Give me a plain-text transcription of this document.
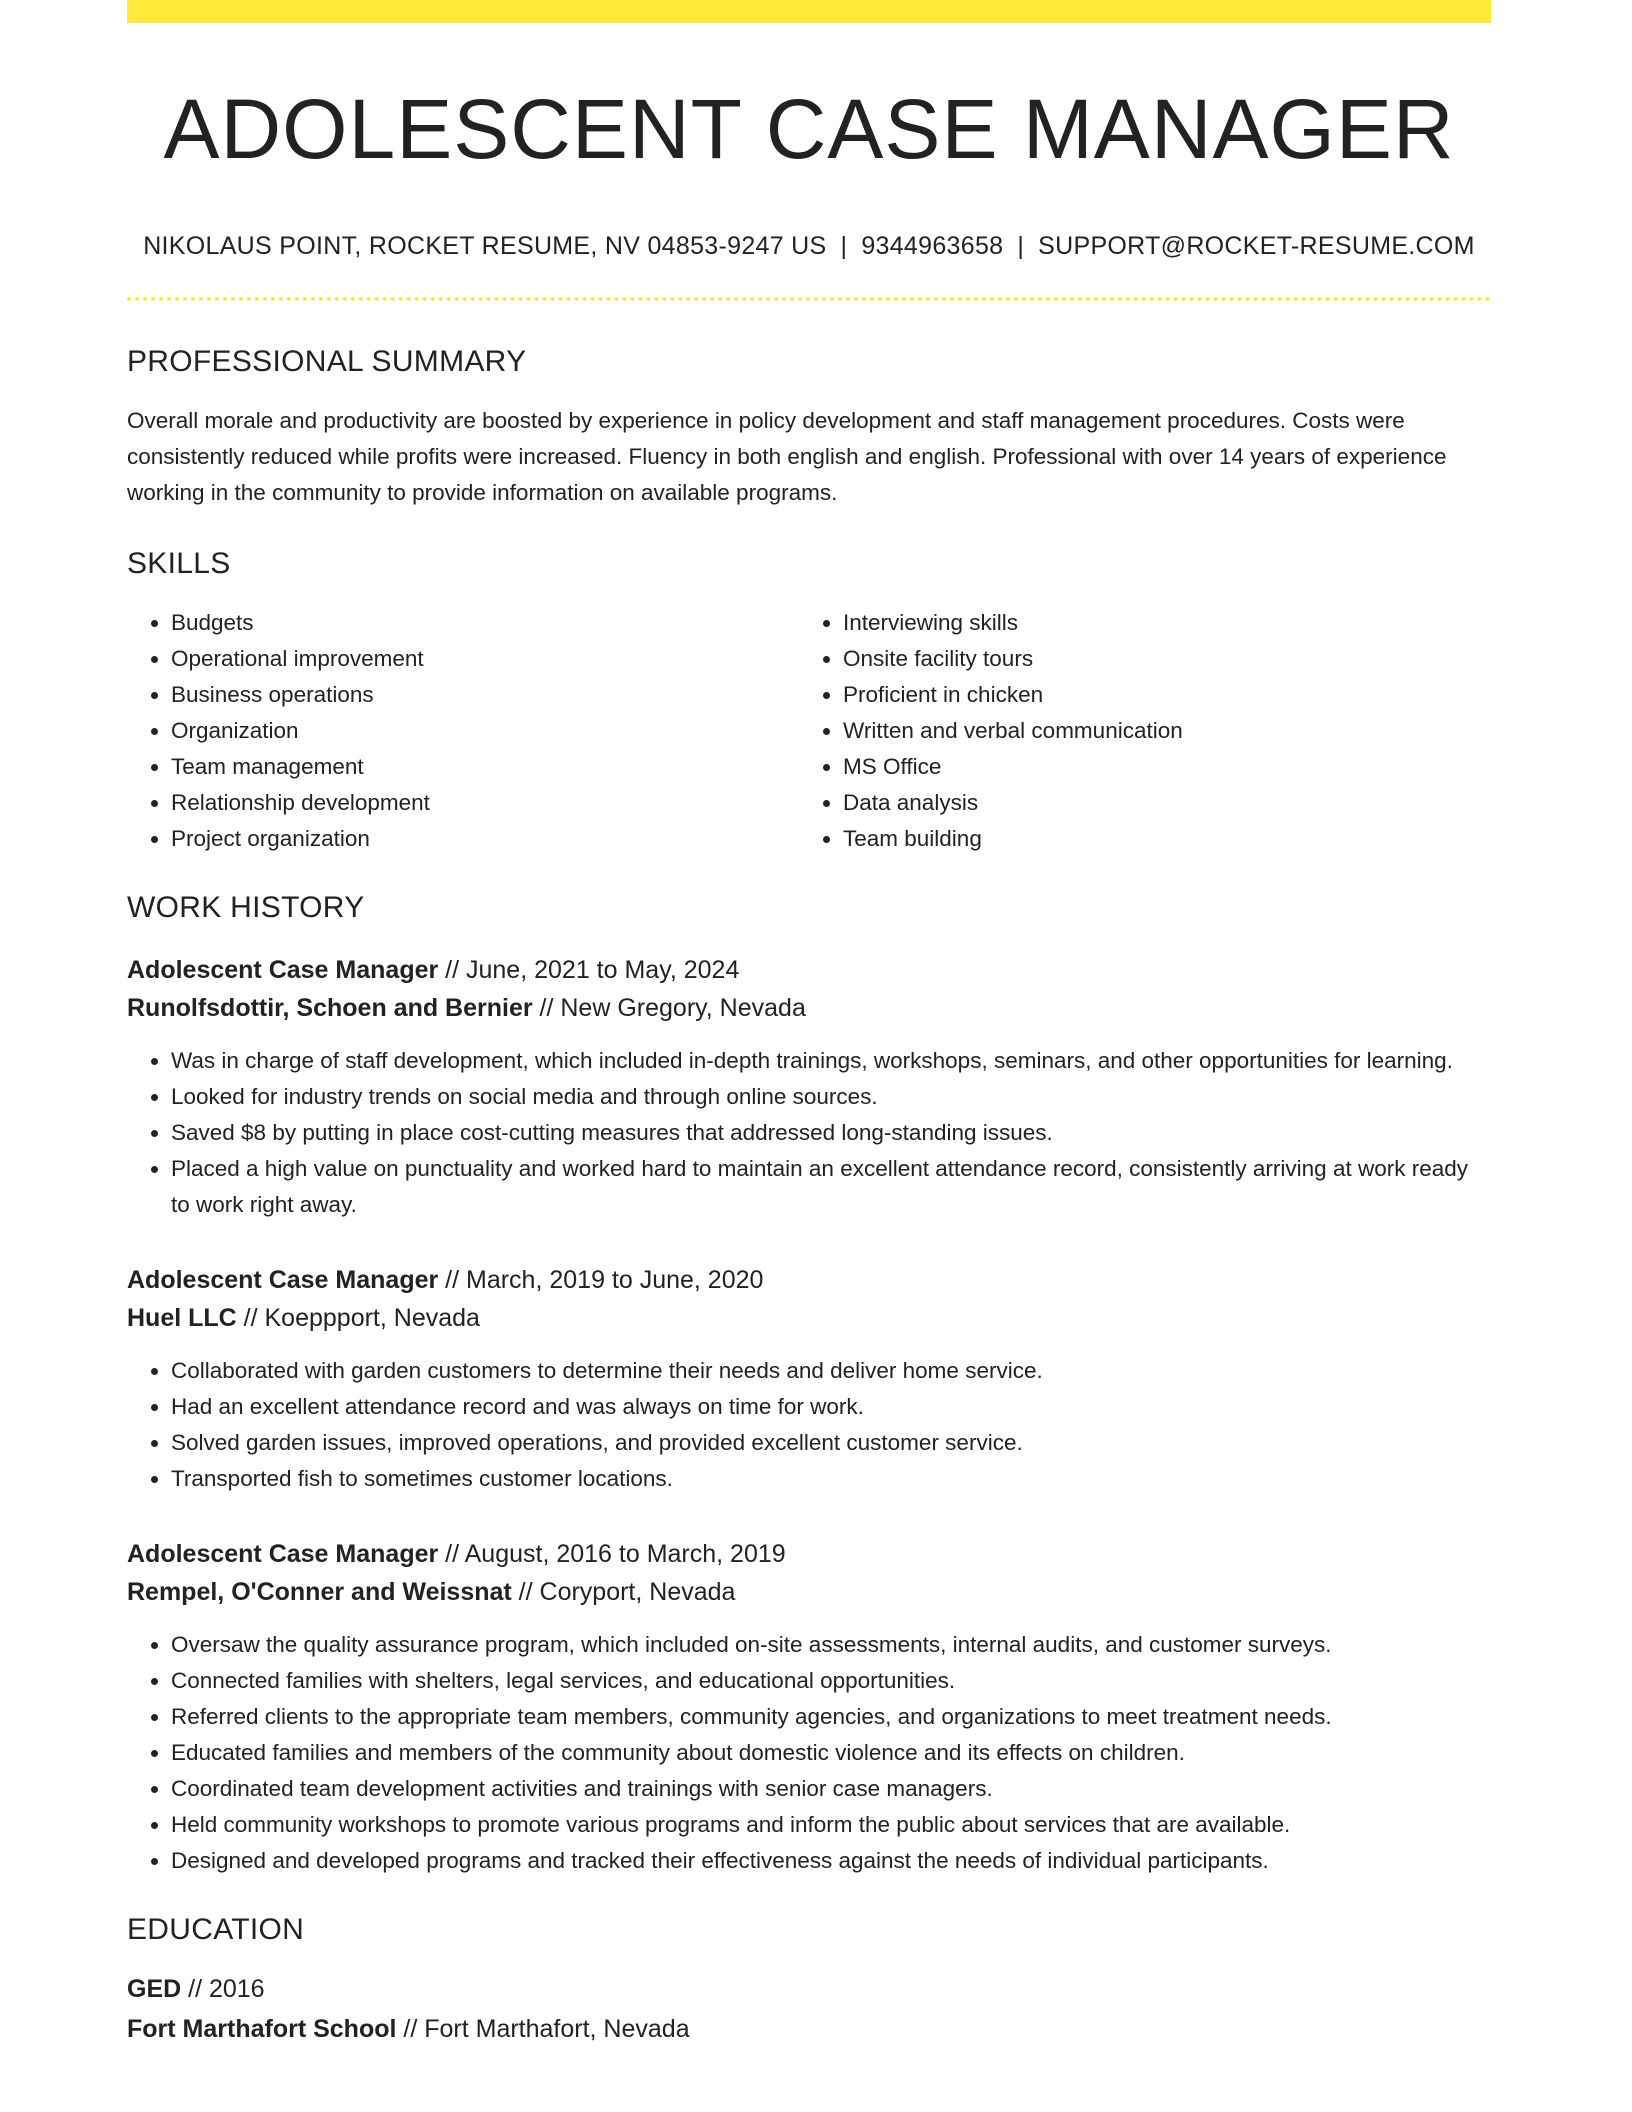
ADOLESCENT CASE MANAGER
NIKOLAUS POINT, ROCKET RESUME, NV 04853-9247 US | 9344963658 | SUPPORT@ROCKET-RESUME.COM
PROFESSIONAL SUMMARY
Overall morale and productivity are boosted by experience in policy development and staff management procedures. Costs were consistently reduced while profits were increased. Fluency in both english and english. Professional with over 14 years of experience working in the community to provide information on available programs.
SKILLS
• Budgets
• Operational improvement
• Business operations
• Organization
• Team management
• Relationship development
• Project organization
• Interviewing skills
• Onsite facility tours
• Proficient in chicken
• Written and verbal communication
• MS Office
• Data analysis
• Team building
WORK HISTORY
Adolescent Case Manager // June, 2021 to May, 2024
Runolfsdottir, Schoen and Bernier // New Gregory, Nevada
• Was in charge of staff development, which included in-depth trainings, workshops, seminars, and other opportunities for learning.
• Looked for industry trends on social media and through online sources.
• Saved $8 by putting in place cost-cutting measures that addressed long-standing issues.
• Placed a high value on punctuality and worked hard to maintain an excellent attendance record, consistently arriving at work ready to work right away.
Adolescent Case Manager // March, 2019 to June, 2020
Huel LLC // Koeppport, Nevada
• Collaborated with garden customers to determine their needs and deliver home service.
• Had an excellent attendance record and was always on time for work.
• Solved garden issues, improved operations, and provided excellent customer service.
• Transported fish to sometimes customer locations.
Adolescent Case Manager // August, 2016 to March, 2019
Rempel, O'Conner and Weissnat // Coryport, Nevada
• Oversaw the quality assurance program, which included on-site assessments, internal audits, and customer surveys.
• Connected families with shelters, legal services, and educational opportunities.
• Referred clients to the appropriate team members, community agencies, and organizations to meet treatment needs.
• Educated families and members of the community about domestic violence and its effects on children.
• Coordinated team development activities and trainings with senior case managers.
• Held community workshops to promote various programs and inform the public about services that are available.
• Designed and developed programs and tracked their effectiveness against the needs of individual participants.
EDUCATION
GED // 2016
Fort Marthafort School // Fort Marthafort, Nevada
